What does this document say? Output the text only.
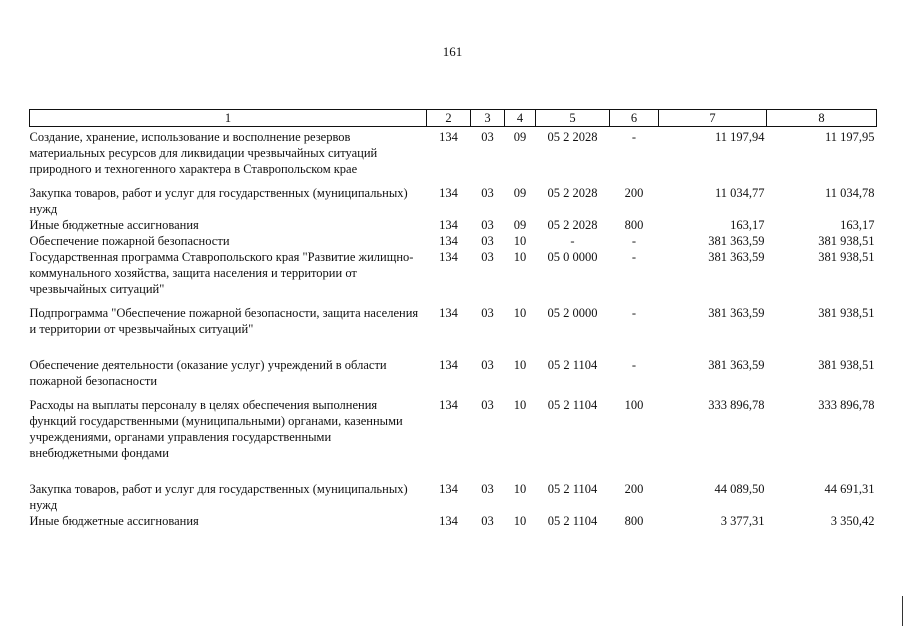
161
1	2	3	4	5	6	7	8
Создание, хранение, использование и восполнение резервов материальных ресурсов для ликвидации чрезвычайных ситуаций природного и техногенного характера в Ставропольском крае	134	03	09	05 2 2028	-	11 197,94	11 197,95
Закупка товаров, работ и услуг для государственных (муниципальных) нужд	134	03	09	05 2 2028	200	11 034,77	11 034,78
Иные бюджетные ассигнования	134	03	09	05 2 2028	800	163,17	163,17
Обеспечение пожарной безопасности	134	03	10	-	-	381 363,59	381 938,51
Государственная программа Ставропольского края "Развитие жилищно-коммунального хозяйства, защита населения и территории от чрезвычайных ситуаций"	134	03	10	05 0 0000	-	381 363,59	381 938,51
Подпрограмма "Обеспечение пожарной безопасности, защита населения и территории от чрезвычайных ситуаций"	134	03	10	05 2 0000	-	381 363,59	381 938,51
Обеспечение деятельности (оказание услуг) учреждений в области пожарной безопасности	134	03	10	05 2 1104	-	381 363,59	381 938,51
Расходы на выплаты персоналу в целях обеспечения выполнения функций государственными (муниципальными) органами, казенными учреждениями, органами управления государственными внебюджетными фондами	134	03	10	05 2 1104	100	333 896,78	333 896,78
Закупка товаров, работ и услуг для государственных (муниципальных) нужд	134	03	10	05 2 1104	200	44 089,50	44 691,31
Иные бюджетные ассигнования	134	03	10	05 2 1104	800	3 377,31	3 350,42
